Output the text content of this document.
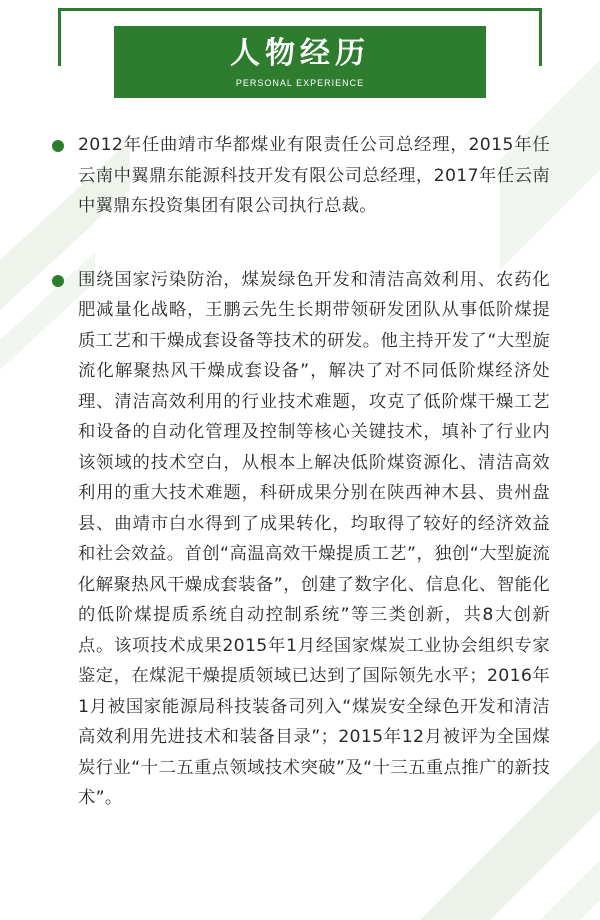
人物经历
PERSONAL EXPERIENCE
2012年任曲靖市华都煤业有限责任公司总经理，2015年任云南中翼鼎东能源科技开发有限公司总经理，2017年任云南中翼鼎东投资集团有限公司执行总裁。
围绕国家污染防治，煤炭绿色开发和清洁高效利用、农药化肥减量化战略，王鹏云先生长期带领研发团队从事低阶煤提质工艺和干燥成套设备等技术的研发。他主持开发了“大型旋流化解聚热风干燥成套设备”，解决了对不同低阶煤经济处理、清洁高效利用的行业技术难题，攻克了低阶煤干燥工艺和设备的自动化管理及控制等核心关键技术，填补了行业内该领域的技术空白，从根本上解决低阶煤资源化、清洁高效利用的重大技术难题，科研成果分别在陕西神木县、贵州盘县、曲靖市白水得到了成果转化，均取得了较好的经济效益和社会效益。首创“高温高效干燥提质工艺”，独创“大型旋流化解聚热风干燥成套装备”，创建了数字化、信息化、智能化的低阶煤提质系统自动控制系统”等三类创新，共8大创新点。该项技术成果2015年1月经国家煤炭工业协会组织专家鉴定，在煤泥干燥提质领域已达到了国际领先水平；2016年1月被国家能源局科技装备司列入“煤炭安全绿色开发和清洁高效利用先进技术和装备目录”；2015年12月被评为全国煤炭行业“十二五重点领域技术突破”及“十三五重点推广的新技术”。
